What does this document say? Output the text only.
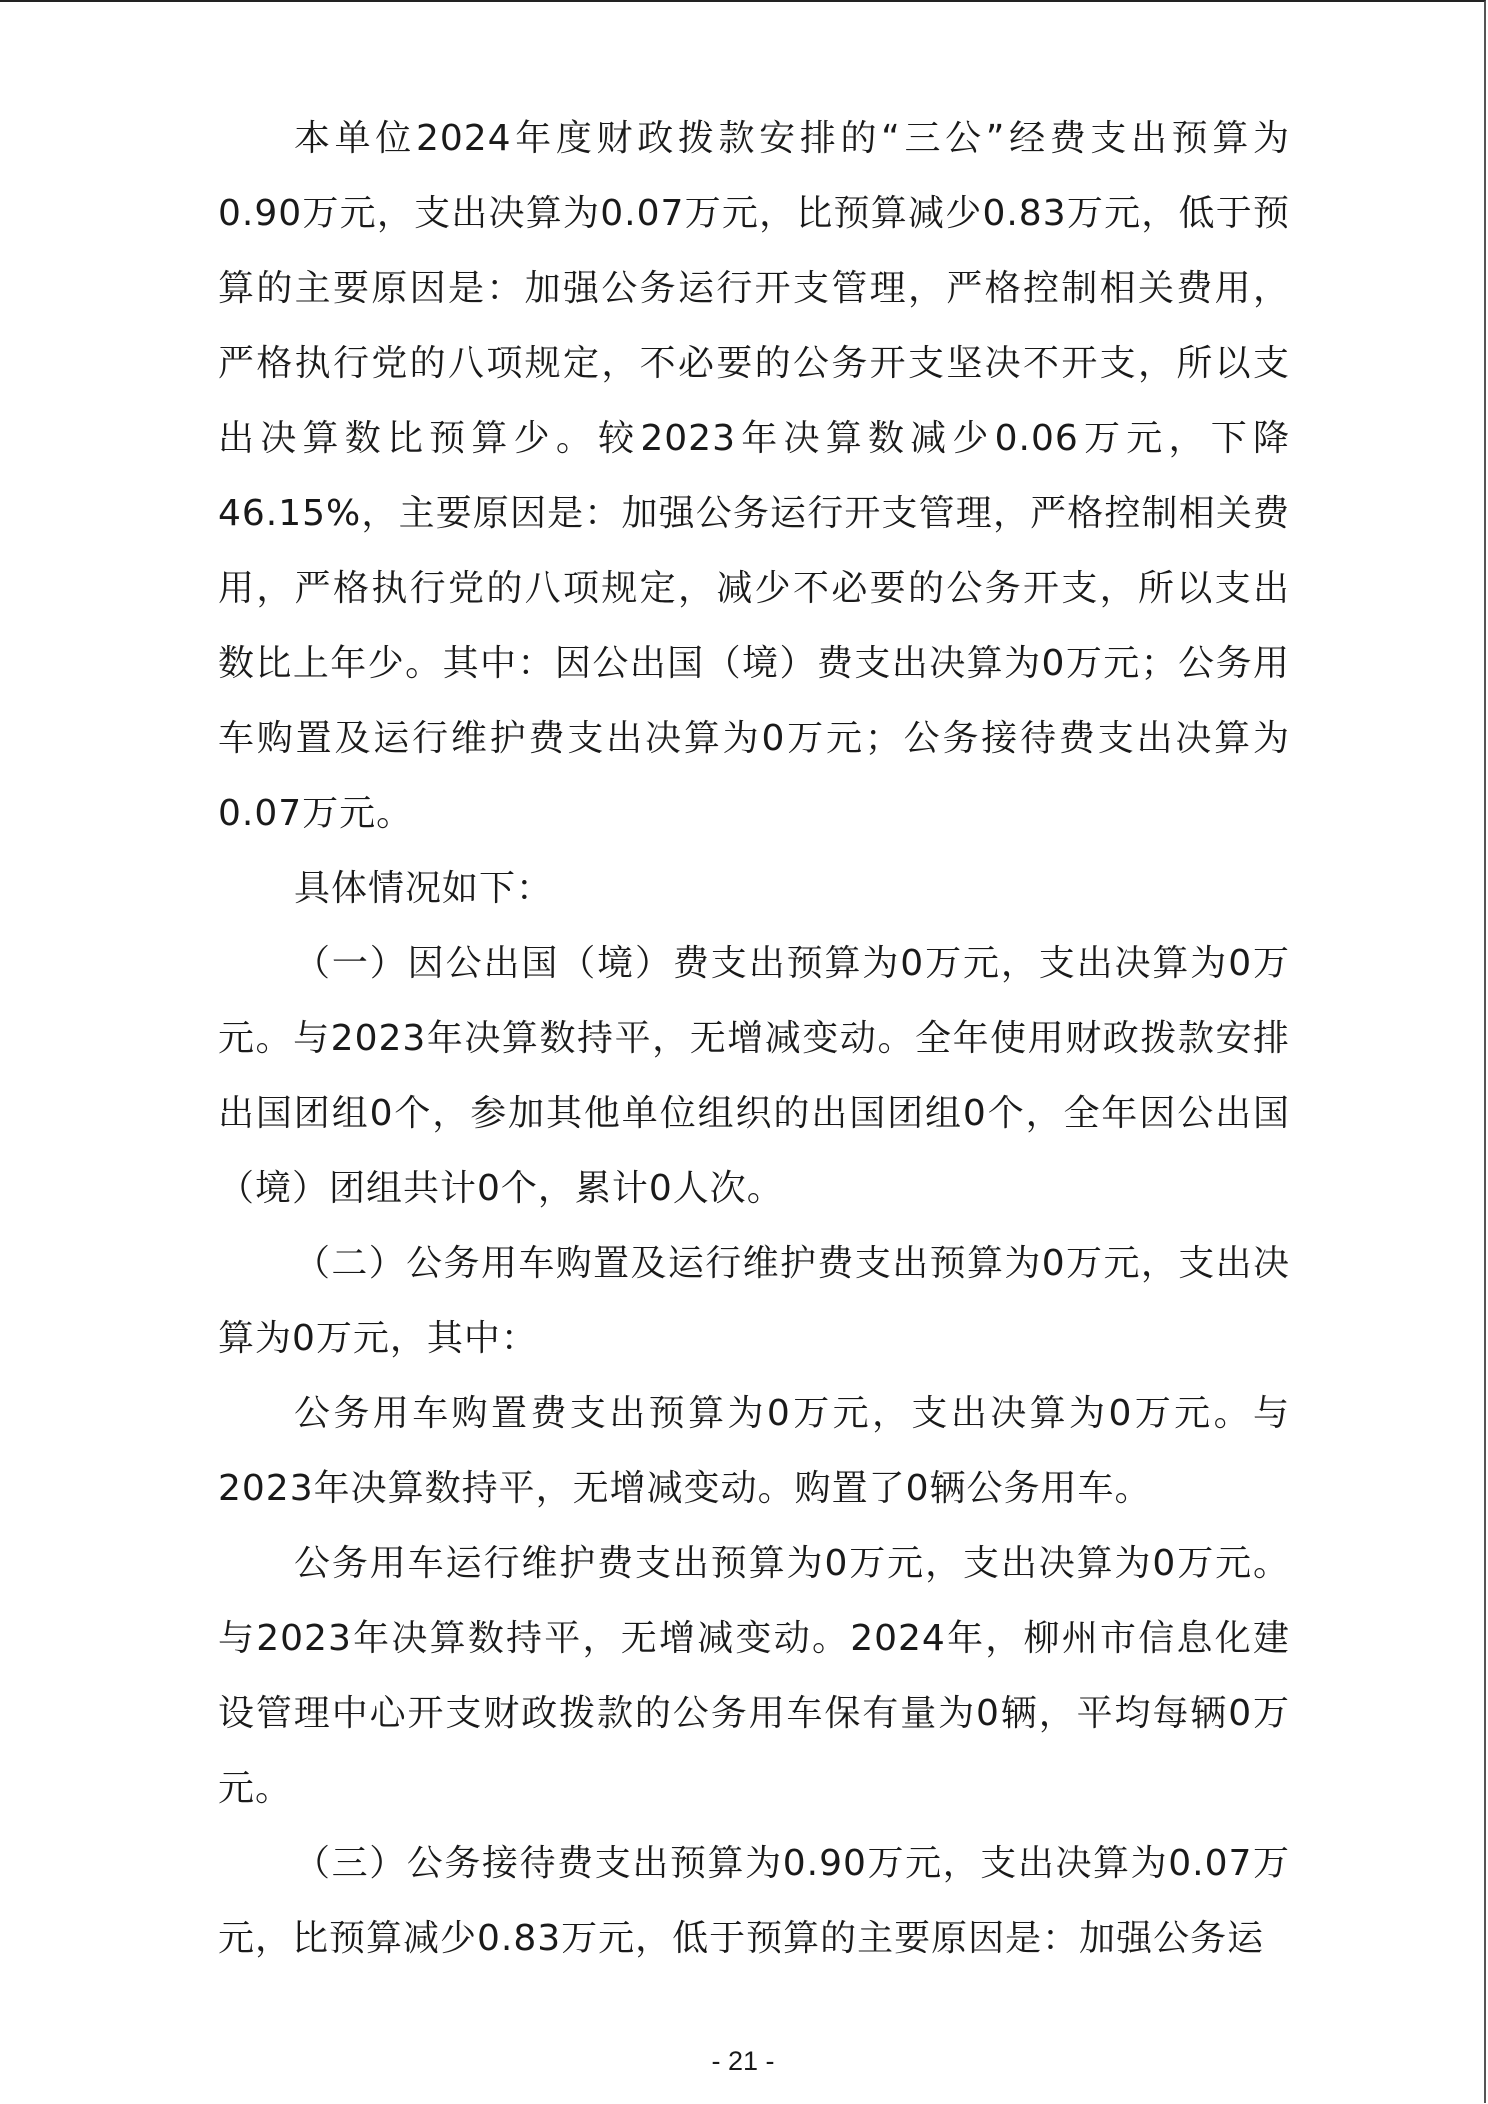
本单位2024年度财政拨款安排的“三公”经费支出预算为0.90万元，支出决算为0.07万元，比预算减少0.83万元，低于预算的主要原因是：加强公务运行开支管理，严格控制相关费用，严格执行党的八项规定，不必要的公务开支坚决不开支，所以支出决算数比预算少。较2023年决算数减少0.06万元，下降46.15%，主要原因是：加强公务运行开支管理，严格控制相关费用，严格执行党的八项规定，减少不必要的公务开支，所以支出数比上年少。其中：因公出国（境）费支出决算为0万元；公务用车购置及运行维护费支出决算为0万元；公务接待费支出决算为0.07万元。

具体情况如下：

（一）因公出国（境）费支出预算为0万元，支出决算为0万元。与2023年决算数持平，无增减变动。全年使用财政拨款安排出国团组0个，参加其他单位组织的出国团组0个，全年因公出国（境）团组共计0个，累计0人次。

（二）公务用车购置及运行维护费支出预算为0万元，支出决算为0万元，其中：

公务用车购置费支出预算为0万元，支出决算为0万元。与2023年决算数持平，无增减变动。购置了0辆公务用车。

公务用车运行维护费支出预算为0万元，支出决算为0万元。与2023年决算数持平，无增减变动。2024年，柳州市信息化建设管理中心开支财政拨款的公务用车保有量为0辆，平均每辆0万元。

（三）公务接待费支出预算为0.90万元，支出决算为0.07万元，比预算减少0.83万元，低于预算的主要原因是：加强公务运

- 21 -
